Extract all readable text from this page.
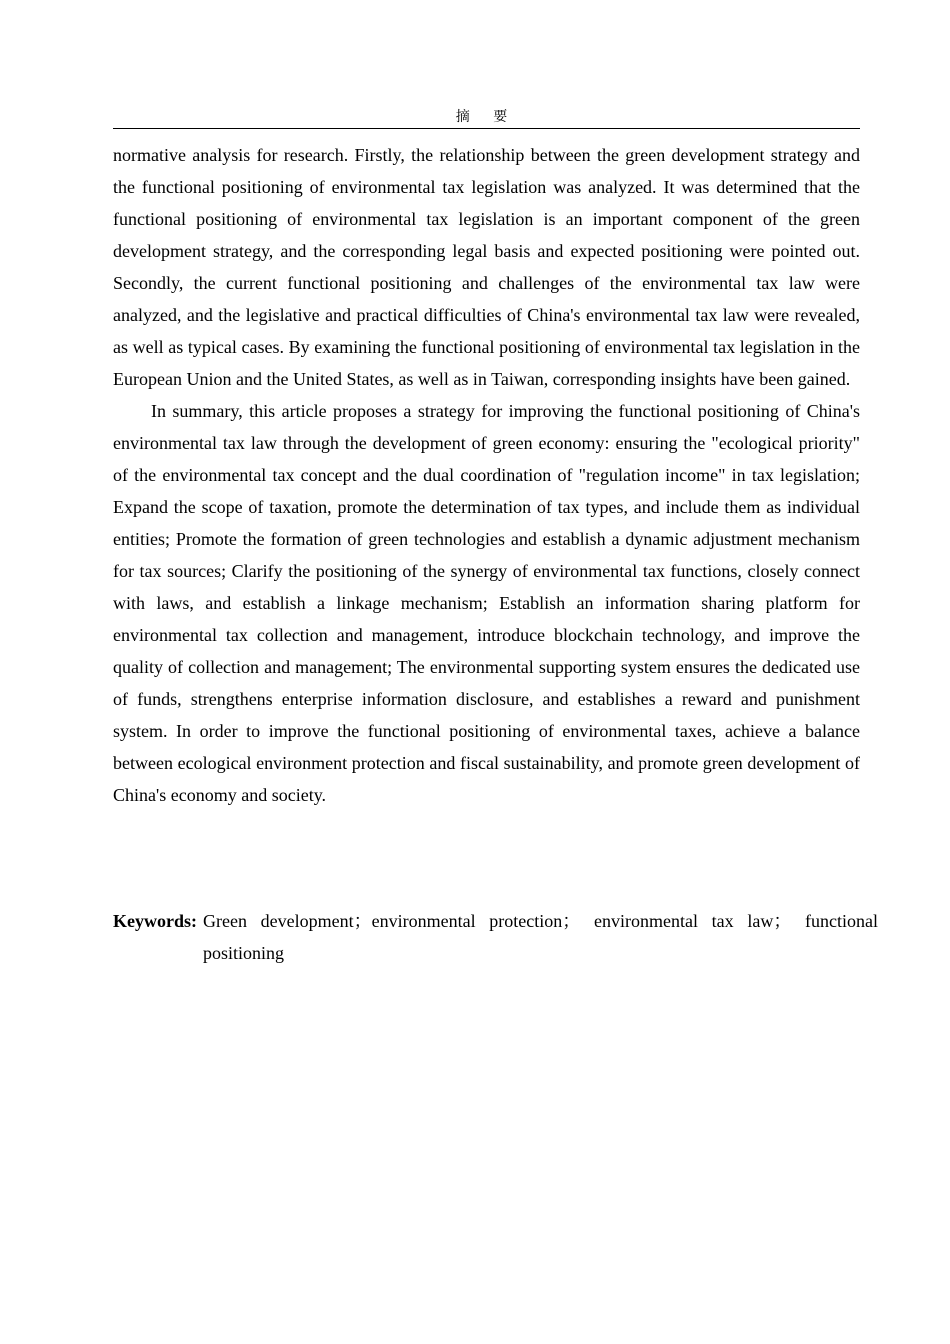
摘 要

normative analysis for research. Firstly, the relationship between the green development strategy and the functional positioning of environmental tax legislation was analyzed. It was determined that the functional positioning of environmental tax legislation is an important component of the green development strategy, and the corresponding legal basis and expected positioning were pointed out. Secondly, the current functional positioning and challenges of the environmental tax law were analyzed, and the legislative and practical difficulties of China's environmental tax law were revealed, as well as typical cases. By examining the functional positioning of environmental tax legislation in the European Union and the United States, as well as in Taiwan, corresponding insights have been gained.

In summary, this article proposes a strategy for improving the functional positioning of China's environmental tax law through the development of green economy: ensuring the "ecological priority" of the environmental tax concept and the dual coordination of "regulation income" in tax legislation; Expand the scope of taxation, promote the determination of tax types, and include them as individual entities; Promote the formation of green technologies and establish a dynamic adjustment mechanism for tax sources; Clarify the positioning of the synergy of environmental tax functions, closely connect with laws, and establish a linkage mechanism; Establish an information sharing platform for environmental tax collection and management, introduce blockchain technology, and improve the quality of collection and management; The environmental supporting system ensures the dedicated use of funds, strengthens enterprise information disclosure, and establishes a reward and punishment system. In order to improve the functional positioning of environmental taxes, achieve a balance between ecological environment protection and fiscal sustainability, and promote green development of China's economy and society.

Keywords: Green development；environmental protection； environmental tax law； functional positioning
